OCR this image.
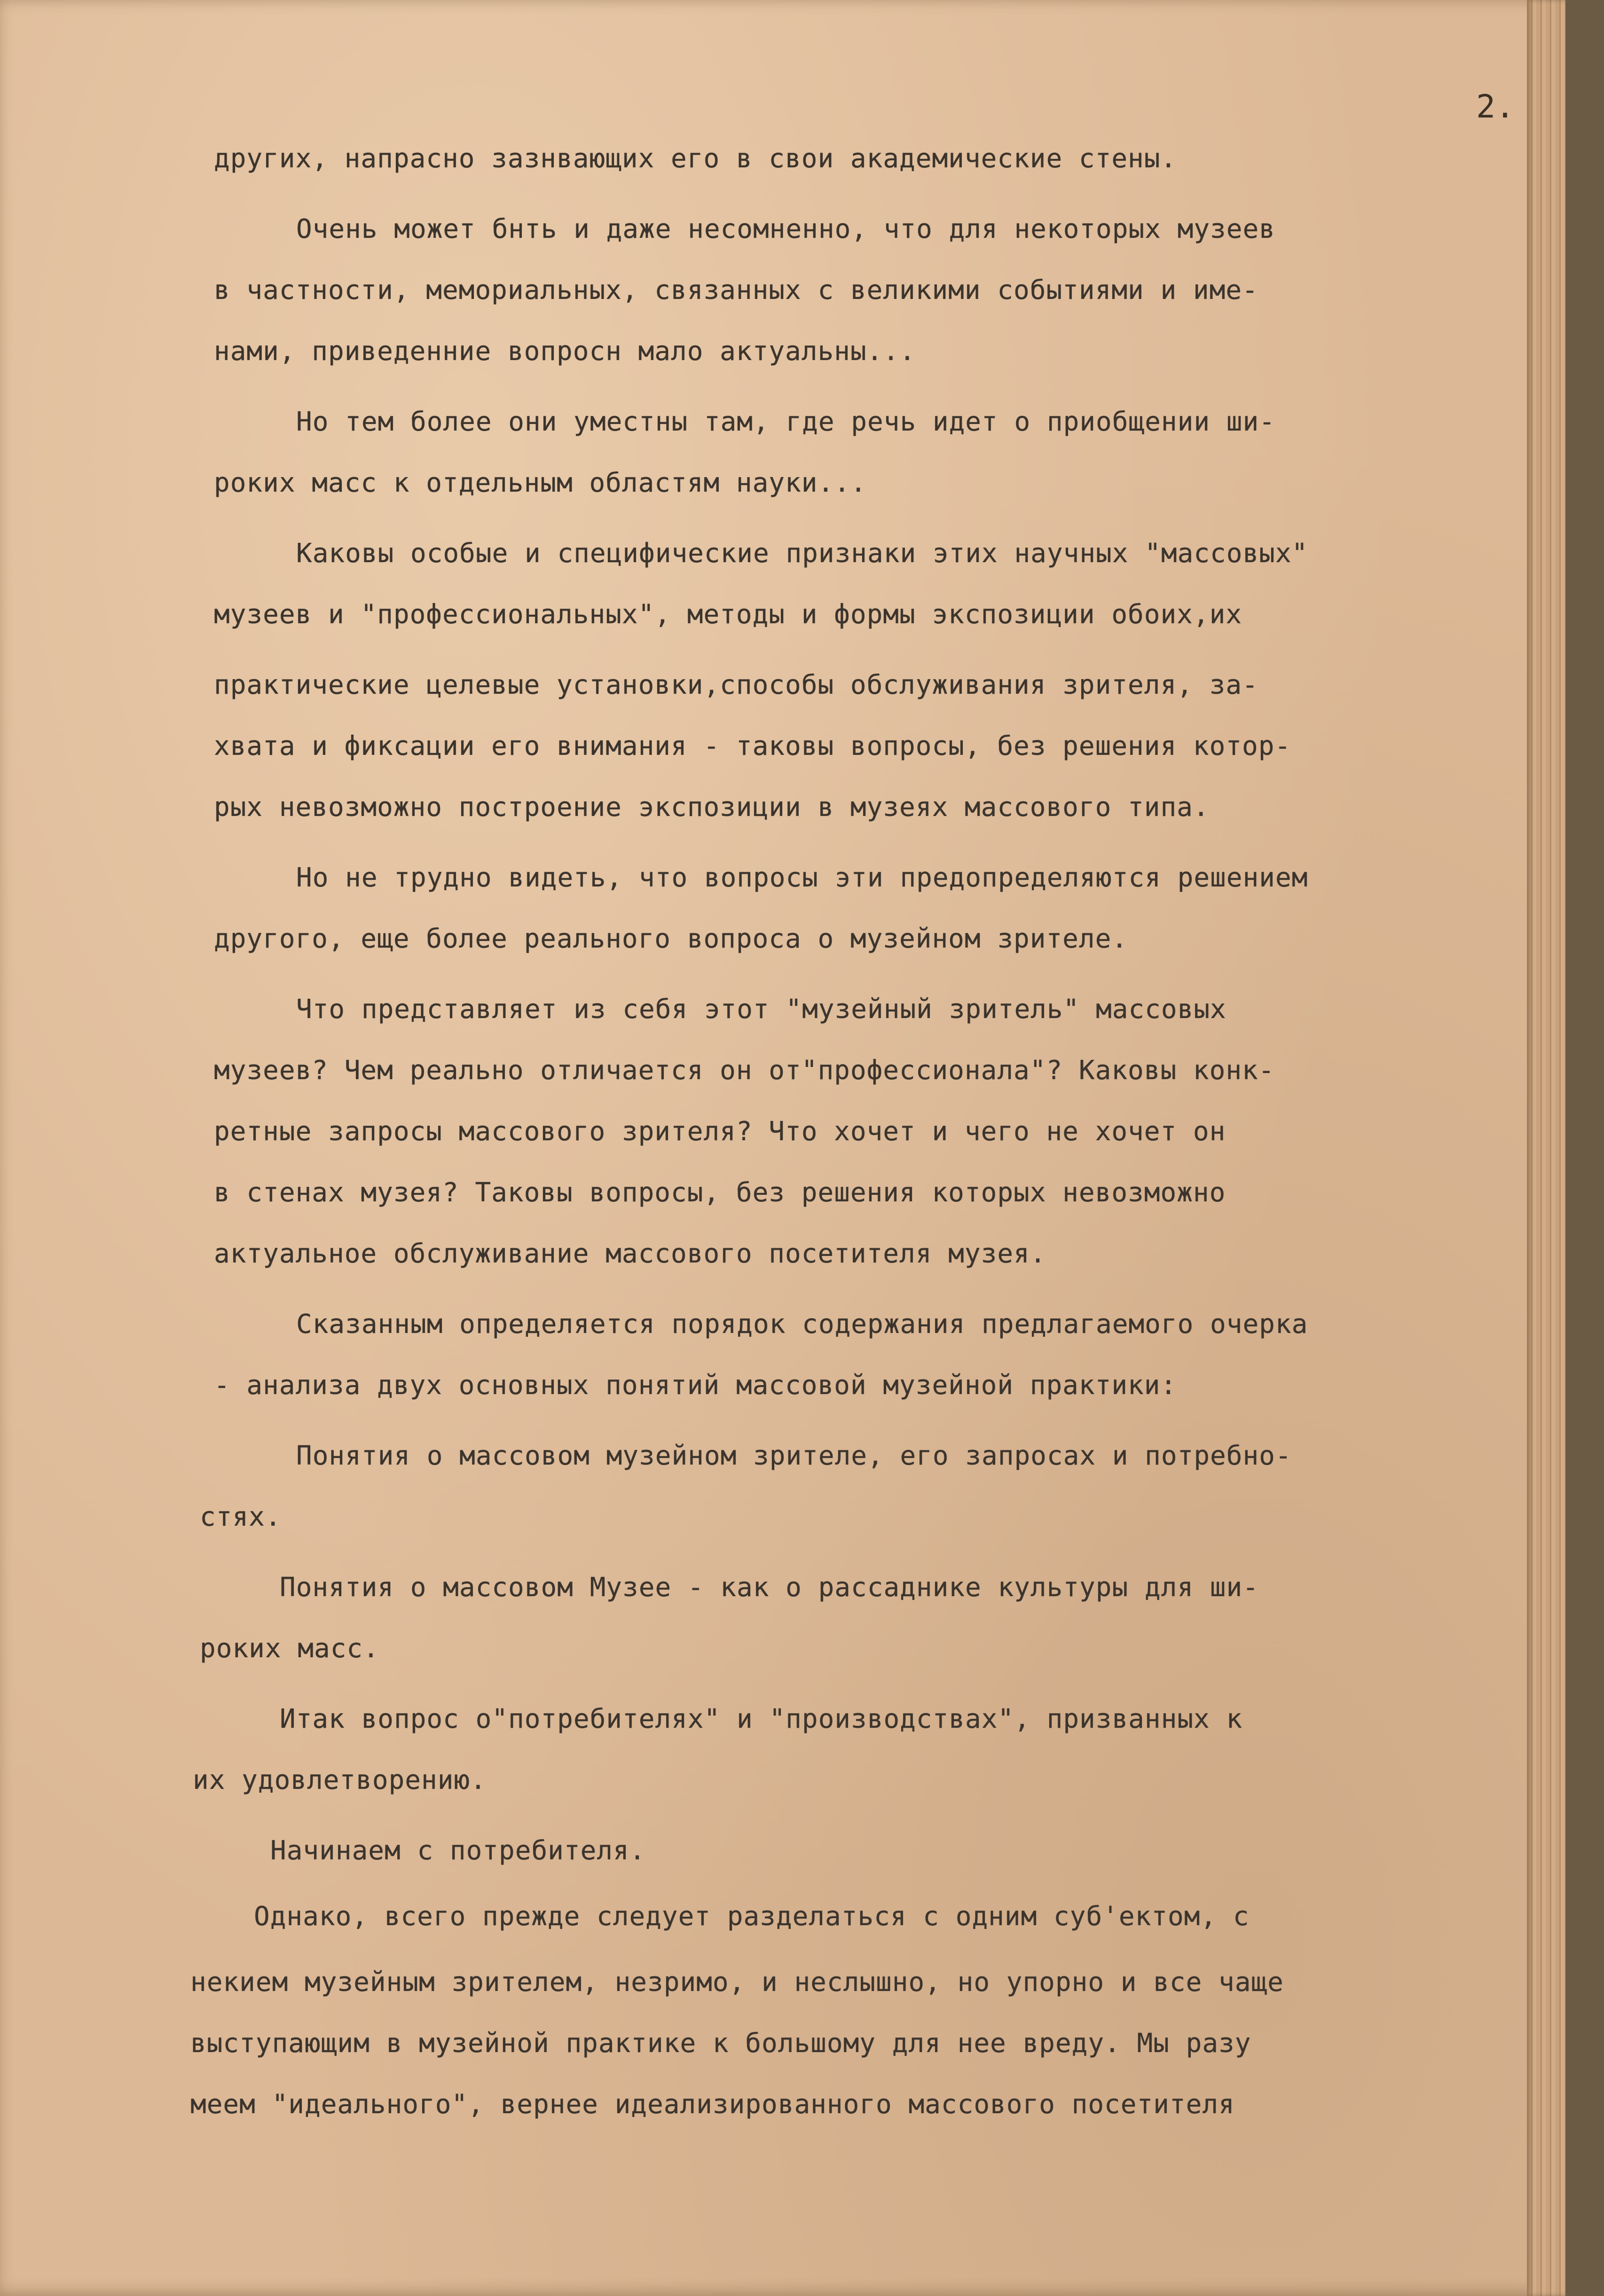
2.

других, напрасно зазнвающих его в свои академические стены.

Очень может бнть и даже несомненно, что для некоторых музеев

в частности, мемориальных, связанных с великими событиями и име-

нами, приведенние вопросн мало актуальны...

Но тем более они уместны там, где речь идет о приобщении ши-

роких масс к отдельным областям науки...

Каковы особые и специфические признаки этих научных "массовых"

музеев и "профессиональных", методы и формы экспозиции обоих,их

практические целевые установки,способы обслуживания зрителя, за-

хвата и фиксации его внимания - таковы вопросы, без решения котор-

рых невозможно построение экспозиции в музеях массового типа.

Но не трудно видеть, что вопросы эти предопределяются решением

другого, еще более реального вопроса о музейном зрителе.

Что представляет из себя этот "музейный зритель" массовых

музеев? Чем реально отличается он от"профессионала"? Каковы конк-

ретные запросы массового зрителя? Что хочет и чего не хочет он

в стенах музея? Таковы вопросы, без решения которых невозможно

актуальное обслуживание массового посетителя музея.

Сказанным определяется порядок содержания предлагаемого очерка

- анализа двух основных понятий массовой музейной практики:

Понятия о массовом музейном зрителе, его запросах и потребно-

стях.

Понятия о массовом Музее - как о рассаднике культуры для ши-

роких масс.

Итак вопрос о"потребителях" и "производствах", призванных к

их удовлетворению.

Начинаем с потребителя.

Однако, всего прежде следует разделаться с одним суб'ектом, с

некием музейным зрителем, незримо, и неслышно, но упорно и все чаще

выступающим в музейной практике к большому для нее вреду. Мы разу

меем "идеального", вернее идеализированного массового посетителя
